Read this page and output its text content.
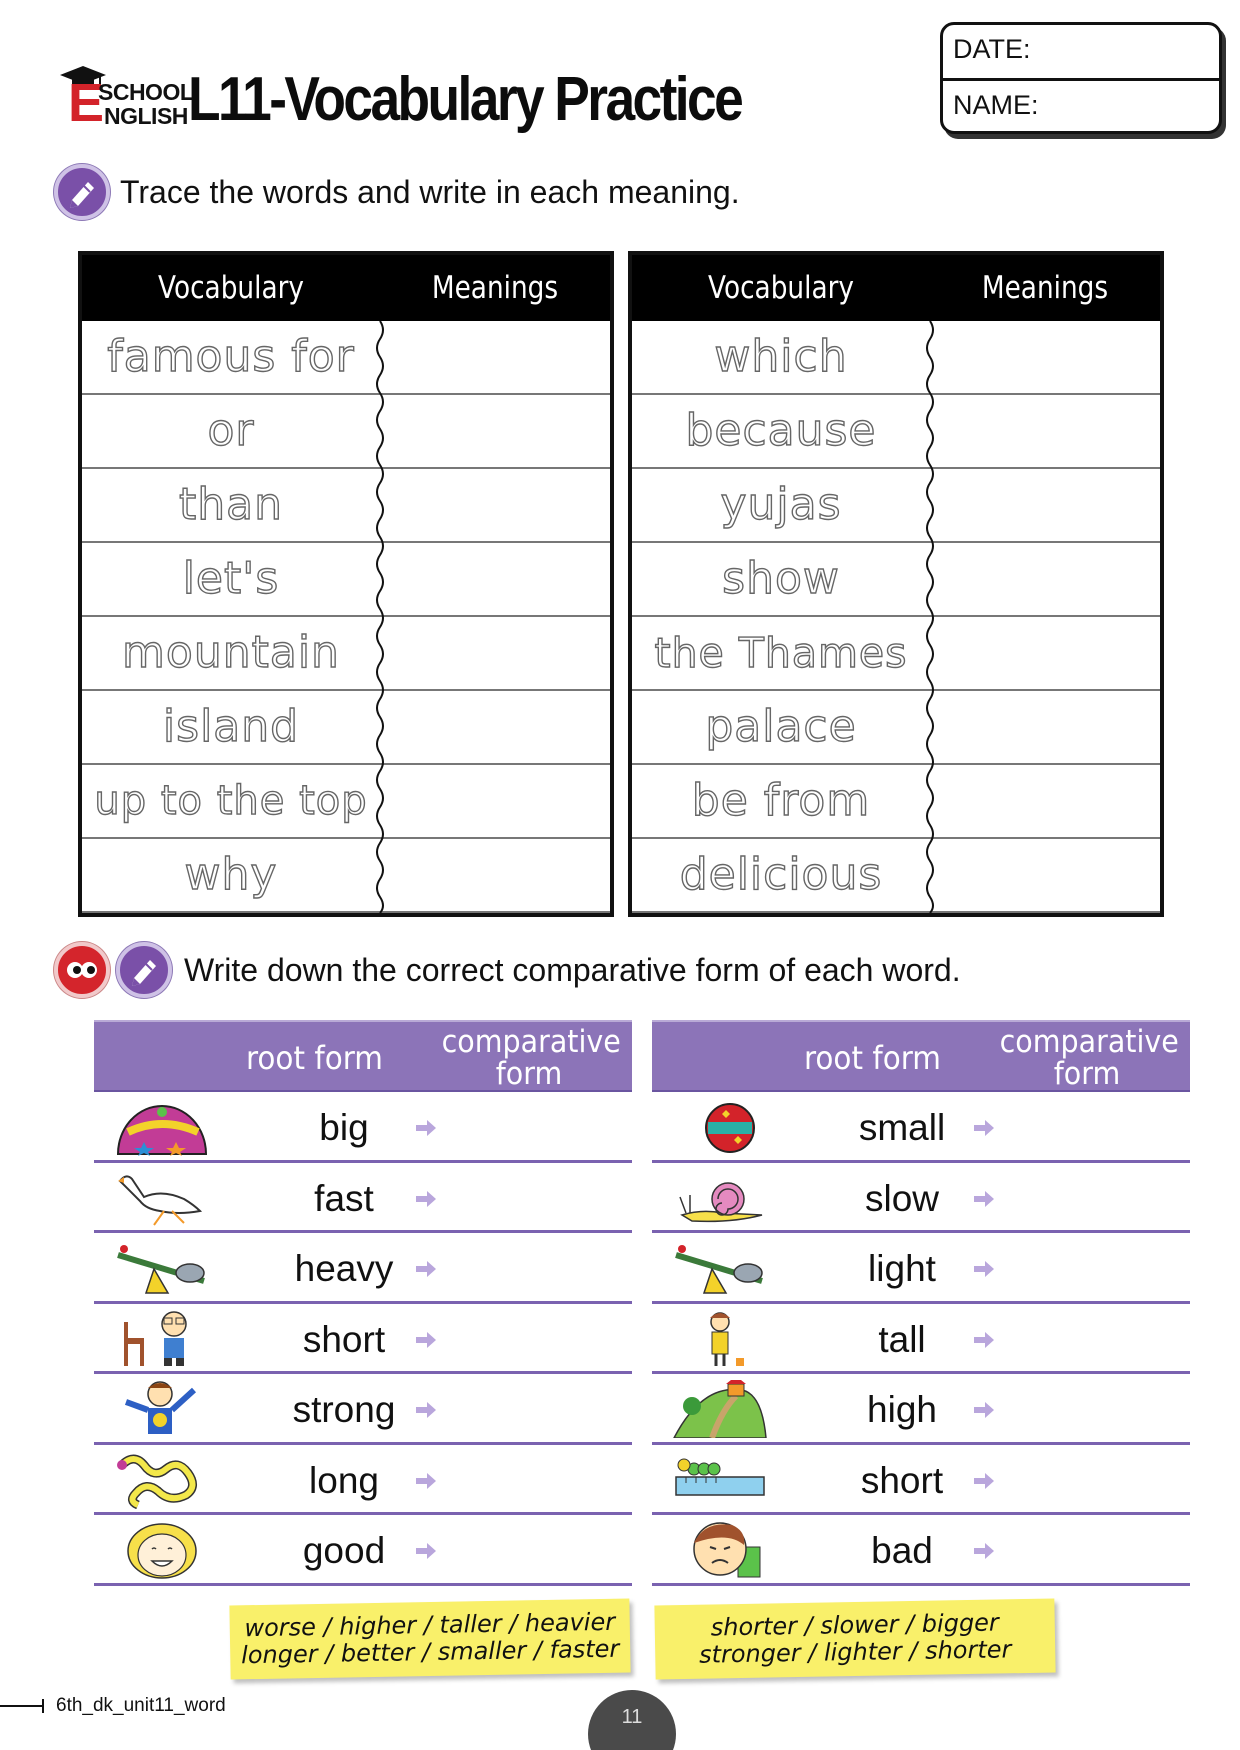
E
SCHOOL
NGLISH L11-Vocabulary Practice
DATE:
NAME:
Trace the words and write in each meaning.
Vocabulary	Meanings
famous for
or
than
let's
mountain
island
up to the top
why
Vocabulary	Meanings
which
because
yujas
show
the Thames
palace
be from
delicious
Write down the correct comparative form of each word.
root form comparative
form
big
fast
heavy
short
strong
long
good
root form comparative
form
small
slow
light
tall
high
short
bad
worse / higher / taller / heavier
longer / better / smaller / faster
shorter / slower / bigger
stronger / lighter / shorter
6th_dk_unit11_word
11
